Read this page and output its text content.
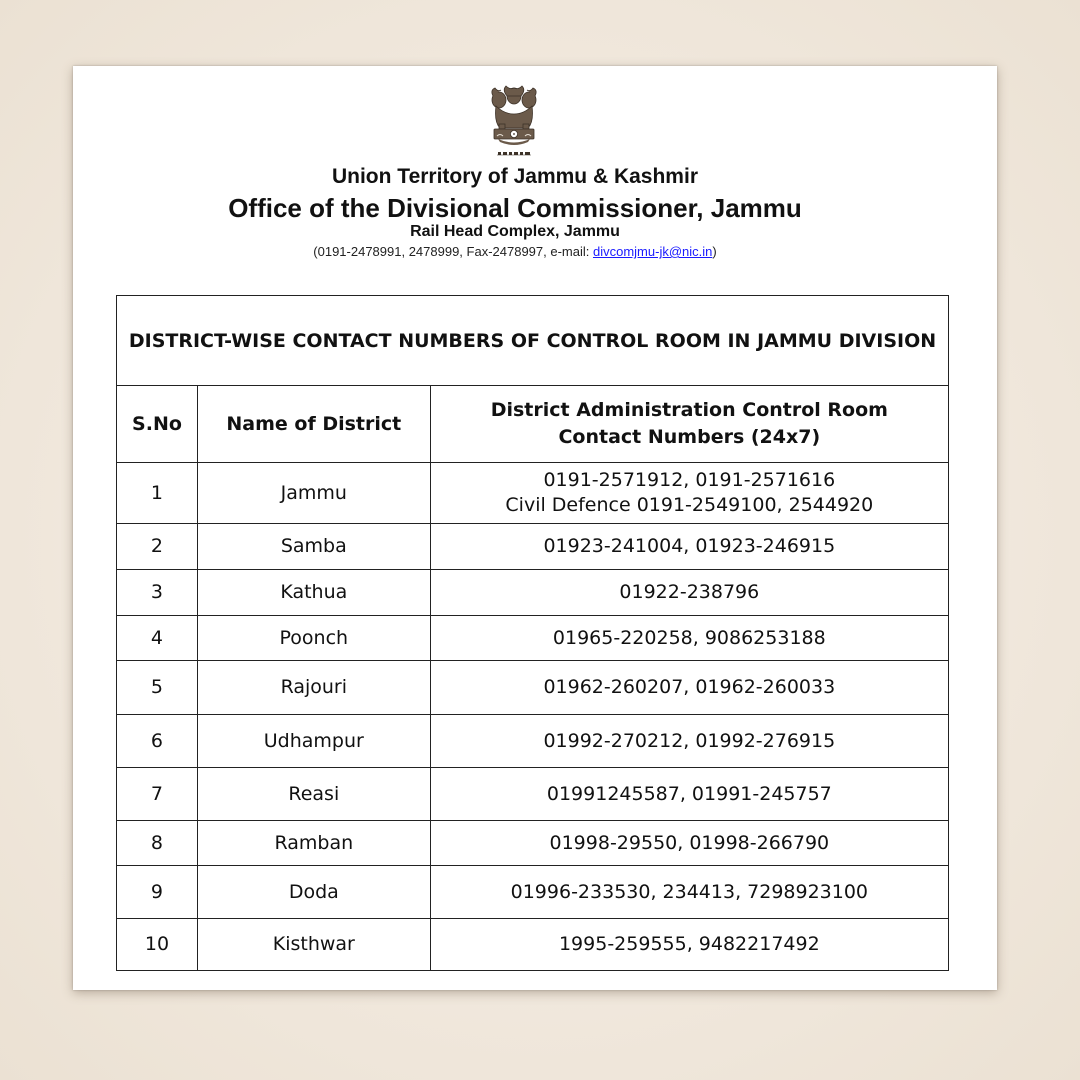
Union Territory of Jammu & Kashmir
Office of the Divisional Commissioner, Jammu
Rail Head Complex, Jammu
(0191-2478991, 2478999, Fax-2478997, e-mail: divcomjmu-jk@nic.in)
DISTRICT-WISE CONTACT NUMBERS OF CONTROL ROOM IN JAMMU DIVISION		
S.No	Name of District	District Administration Control Room Contact Numbers (24x7)
1	Jammu	0191-2571912, 0191-2571616
Civil Defence 0191-2549100, 2544920

2	Samba	01923-241004, 01923-246915
3	Kathua	01922-238796
4	Poonch	01965-220258, 9086253188
5	Rajouri	01962-260207, 01962-260033
6	Udhampur	01992-270212, 01992-276915
7	Reasi	01991245587, 01991-245757
8	Ramban	01998-29550, 01998-266790
9	Doda	01996-233530, 234413, 7298923100
10	Kisthwar	1995-259555, 9482217492
